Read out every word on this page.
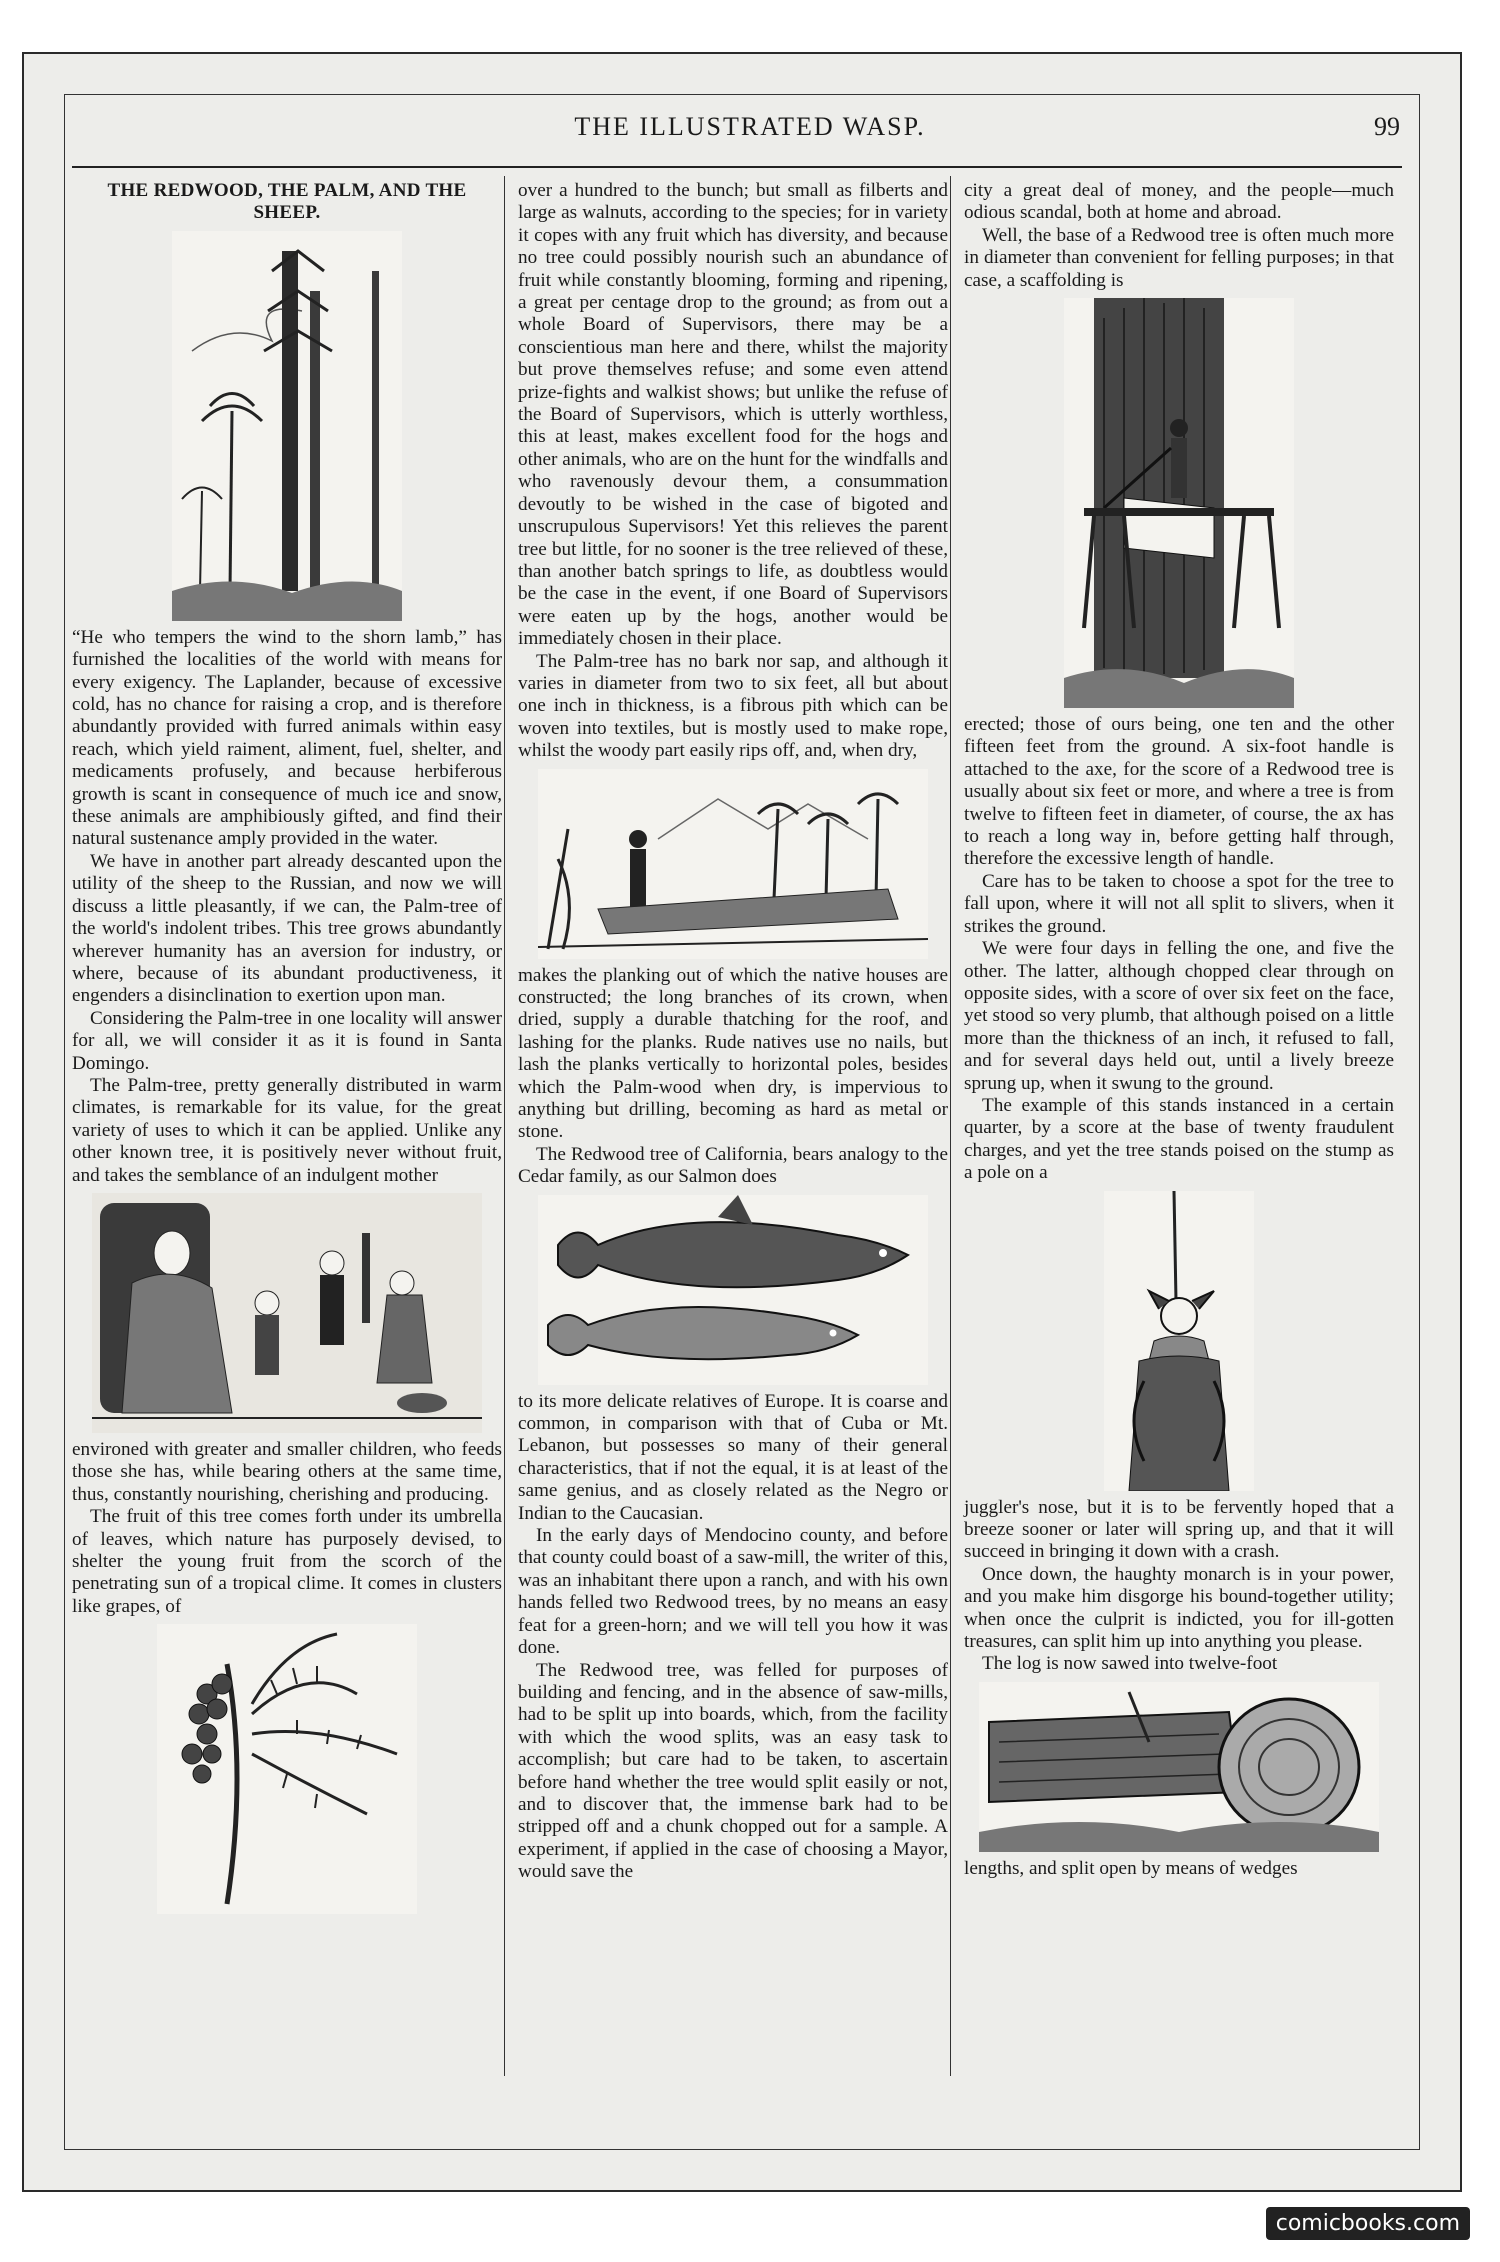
THE ILLUSTRATED WASP.	99
THE REDWOOD, THE PALM, AND THE SHEEP.

“He who tempers the wind to the shorn lamb,” has furnished the localities of the world with means for every exigency. The Laplander, because of excessive cold, has no chance for raising a crop, and is therefore abundantly provided with furred animals within easy reach, which yield raiment, aliment, fuel, shelter, and medicaments profusely, and because herbiferous growth is scant in consequence of much ice and snow, these animals are amphibiously gifted, and find their natural sustenance amply provided in the water.

We have in another part already descanted upon the utility of the sheep to the Russian, and now we will discuss a little pleasantly, if we can, the Palm-tree of the world's indolent tribes. This tree grows abundantly wherever humanity has an aversion for industry, or where, because of its abundant productiveness, it engenders a disinclination to exertion upon man.

Considering the Palm-tree in one locality will answer for all, we will consider it as it is found in Santa Domingo.

The Palm-tree, pretty generally distributed in warm climates, is remarkable for its value, for the great variety of uses to which it can be applied. Unlike any other known tree, it is positively never without fruit, and takes the semblance of an indulgent mother

environed with greater and smaller children, who feeds those she has, while bearing others at the same time, thus, constantly nourishing, cherishing and producing.

The fruit of this tree comes forth under its umbrella of leaves, which nature has purposely devised, to shelter the young fruit from the scorch of the penetrating sun of a tropical clime. It comes in clusters like grapes, of

over a hundred to the bunch; but small as filberts and large as walnuts, according to the species; for in variety it copes with any fruit which has diversity, and because no tree could possibly nourish such an abundance of fruit while constantly blooming, forming and ripening, a great per centage drop to the ground; as from out a whole Board of Supervisors, there may be a conscientious man here and there, whilst the majority but prove themselves refuse; and some even attend prize-fights and walkist shows; but unlike the refuse of the Board of Supervisors, which is utterly worthless, this at least, makes excellent food for the hogs and other animals, who are on the hunt for the windfalls and who ravenously devour them, a consummation devoutly to be wished in the case of bigoted and unscrupulous Supervisors! Yet this relieves the parent tree but little, for no sooner is the tree relieved of these, than another batch springs to life, as doubtless would be the case in the event, if one Board of Supervisors were eaten up by the hogs, another would be immediately chosen in their place.

The Palm-tree has no bark nor sap, and although it varies in diameter from two to six feet, all but about one inch in thickness, is a fibrous pith which can be woven into textiles, but is mostly used to make rope, whilst the woody part easily rips off, and, when dry,

makes the planking out of which the native houses are constructed; the long branches of its crown, when dried, supply a durable thatching for the roof, and lashing for the planks. Rude natives use no nails, but lash the planks vertically to horizontal poles, besides which the Palm-wood when dry, is impervious to anything but drilling, becoming as hard as metal or stone.

The Redwood tree of California, bears analogy to the Cedar family, as our Salmon does

to its more delicate relatives of Europe. It is coarse and common, in comparison with that of Cuba or Mt. Lebanon, but possesses so many of their general characteristics, that if not the equal, it is at least of the same genius, and as closely related as the Negro or Indian to the Caucasian.

In the early days of Mendocino county, and before that county could boast of a saw-mill, the writer of this, was an inhabitant there upon a ranch, and with his own hands felled two Redwood trees, by no means an easy feat for a green-horn; and we will tell you how it was done.

The Redwood tree, was felled for purposes of building and fencing, and in the absence of saw-mills, had to be split up into boards, which, from the facility with which the wood splits, was an easy task to accomplish; but care had to be taken, to ascertain before hand whether the tree would split easily or not, and to discover that, the immense bark had to be stripped off and a chunk chopped out for a sample. A experiment, if applied in the case of choosing a Mayor, would save the

city a great deal of money, and the people—much odious scandal, both at home and abroad.

Well, the base of a Redwood tree is often much more in diameter than convenient for felling purposes; in that case, a scaffolding is

erected; those of ours being, one ten and the other fifteen feet from the ground. A six-foot handle is attached to the axe, for the score of a Redwood tree is usually about six feet or more, and where a tree is from twelve to fifteen feet in diameter, of course, the ax has to reach a long way in, before getting half through, therefore the excessive length of handle.

Care has to be taken to choose a spot for the tree to fall upon, where it will not all split to slivers, when it strikes the ground.

We were four days in felling the one, and five the other. The latter, although chopped clear through on opposite sides, with a score of over six feet on the face, yet stood so very plumb, that although poised on a little more than the thickness of an inch, it refused to fall, and for several days held out, until a lively breeze sprung up, when it swung to the ground.

The example of this stands instanced in a certain quarter, by a score at the base of twenty fraudulent charges, and yet the tree stands poised on the stump as a pole on a

juggler's nose, but it is to be fervently hoped that a breeze sooner or later will spring up, and that it will succeed in bringing it down with a crash.

Once down, the haughty monarch is in your power, and you make him disgorge his bound-together utility; when once the culprit is indicted, you for ill-gotten treasures, can split him up into anything you please.

The log is now sawed into twelve-foot

lengths, and split open by means of wedges

comicbooks.com
